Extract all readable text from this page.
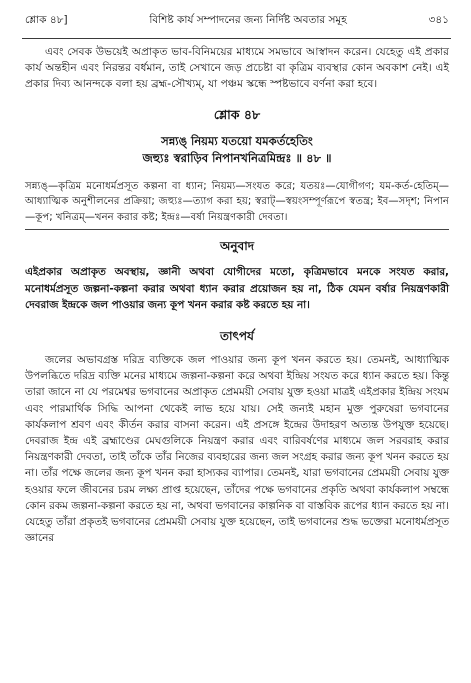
শ্লোক ৪৮]	বিশিষ্ট কার্য সম্পাদনের জন্য নির্দিষ্ট অবতার সমূহ	৩৪১

এবং সেবক উভয়েই অপ্রাকৃত ভাব-বিনিময়ের মাধ্যমে সমভাবে আস্বাদন করেন। যেহেতু এই প্রকার কার্য অন্তহীন এবং নিরন্তর বর্ধমান, তাই সেখানে জড় প্রচেষ্টা বা কৃত্রিম ব্যবস্থার কোন অবকাশ নেই। এই প্রকার দিব্য আনন্দকে বলা হয় ব্রহ্ম-সৌখ্যম্, যা পঞ্চম স্কন্ধে স্পষ্টভাবে বর্ণনা করা হবে।

শ্লোক ৪৮
সন্ন্যঙ্ নিয়ম্য যতয়ো যমকর্তহেতিং
জহ্যুঃ স্বরাড়িব নিপানখনিত্রমিন্দ্রঃ ॥ ৪৮ ॥

সন্ন্যঙ্—কৃত্রিম মনোধর্মপ্রসূত কল্পনা বা ধ্যান; নিয়ম্য—সংযত করে; যতয়ঃ—যোগীগণ; যম-কর্ত-হেতিম্—আধ্যাত্মিক অনুশীলনের প্রক্রিয়া; জহ্যুঃ—ত্যাগ করা হয়; স্বরাট্—স্বয়ংসম্পূর্ণরূপে স্বতন্ত্র; ইব—সদৃশ; নিপান—কূপ; খনিত্রম্—খনন করার কষ্ট; ইন্দ্রঃ—বর্ষা নিয়ন্ত্রণকারী দেবতা।

অনুবাদ

এইপ্রকার অপ্রাকৃত অবস্থায়, জ্ঞানী অথবা যোগীদের মতো, কৃত্রিমভাবে মনকে সংযত করার, মনোধর্মপ্রসূত জল্পনা-কল্পনা করার অথবা ধ্যান করার প্রয়োজন হয় না, ঠিক যেমন বর্ষার নিয়ন্ত্রণকারী দেবরাজ ইন্দ্রকে জল পাওয়ার জন্য কূপ খনন করার কষ্ট করতে হয় না।

তাৎপর্য

জলের অভাবগ্রস্ত দরিদ্র ব্যক্তিকে জল পাওয়ার জন্য কূপ খনন করতে হয়। তেমনই, আধ্যাত্মিক উপলব্ধিতে দরিদ্র ব্যক্তি মনের মাধ্যমে জল্পনা-কল্পনা করে অথবা ইন্দ্রিয় সংযত করে ধ্যান করতে হয়। কিন্তু তারা জানে না যে পরমেশ্বর ভগবানের অপ্রাকৃত প্রেমময়ী সেবায় যুক্ত হওয়া মাত্রই এইপ্রকার ইন্দ্রিয় সংযম এবং পারমার্থিক সিদ্ধি আপনা থেকেই লাভ হয়ে যায়। সেই জন্যই মহান মুক্ত পুরুষেরা ভগবানের কার্যকলাপ শ্রবণ এবং কীর্তন করার বাসনা করেন। এই প্রসঙ্গে ইন্দ্রের উদাহরণ অত্যন্ত উপযুক্ত হয়েছে। দেবরাজ ইন্দ্র এই ব্রহ্মাণ্ডের মেঘগুলিকে নিয়ন্ত্রণ করার এবং বারিবর্ষণের মাধ্যমে জল সরবরাহ করার নিয়ন্ত্রণকারী দেবতা, তাই তাঁকে তাঁর নিজের ব্যবহারের জন্য জল সংগ্রহ করার জন্য কূপ খনন করতে হয় না। তাঁর পক্ষে জলের জন্য কূপ খনন করা হাস্যকর ব্যাপার। তেমনই, যারা ভগবানের প্রেমময়ী সেবায় যুক্ত হওয়ার ফলে জীবনের চরম লক্ষ্য প্রাপ্ত হয়েছেন, তাঁদের পক্ষে ভগবানের প্রকৃতি অথবা কার্যকলাপ সম্বন্ধে কোন রকম জল্পনা-কল্পনা করতে হয় না, অথবা ভগবানের কাল্পনিক বা বাস্তবিক রূপের ধ্যান করতে হয় না। যেহেতু তাঁরা প্রকৃতই ভগবানের প্রেমময়ী সেবায় যুক্ত হয়েছেন, তাই ভগবানের শুদ্ধ ভক্তেরা মনোধর্মপ্রসূত জ্ঞানের
